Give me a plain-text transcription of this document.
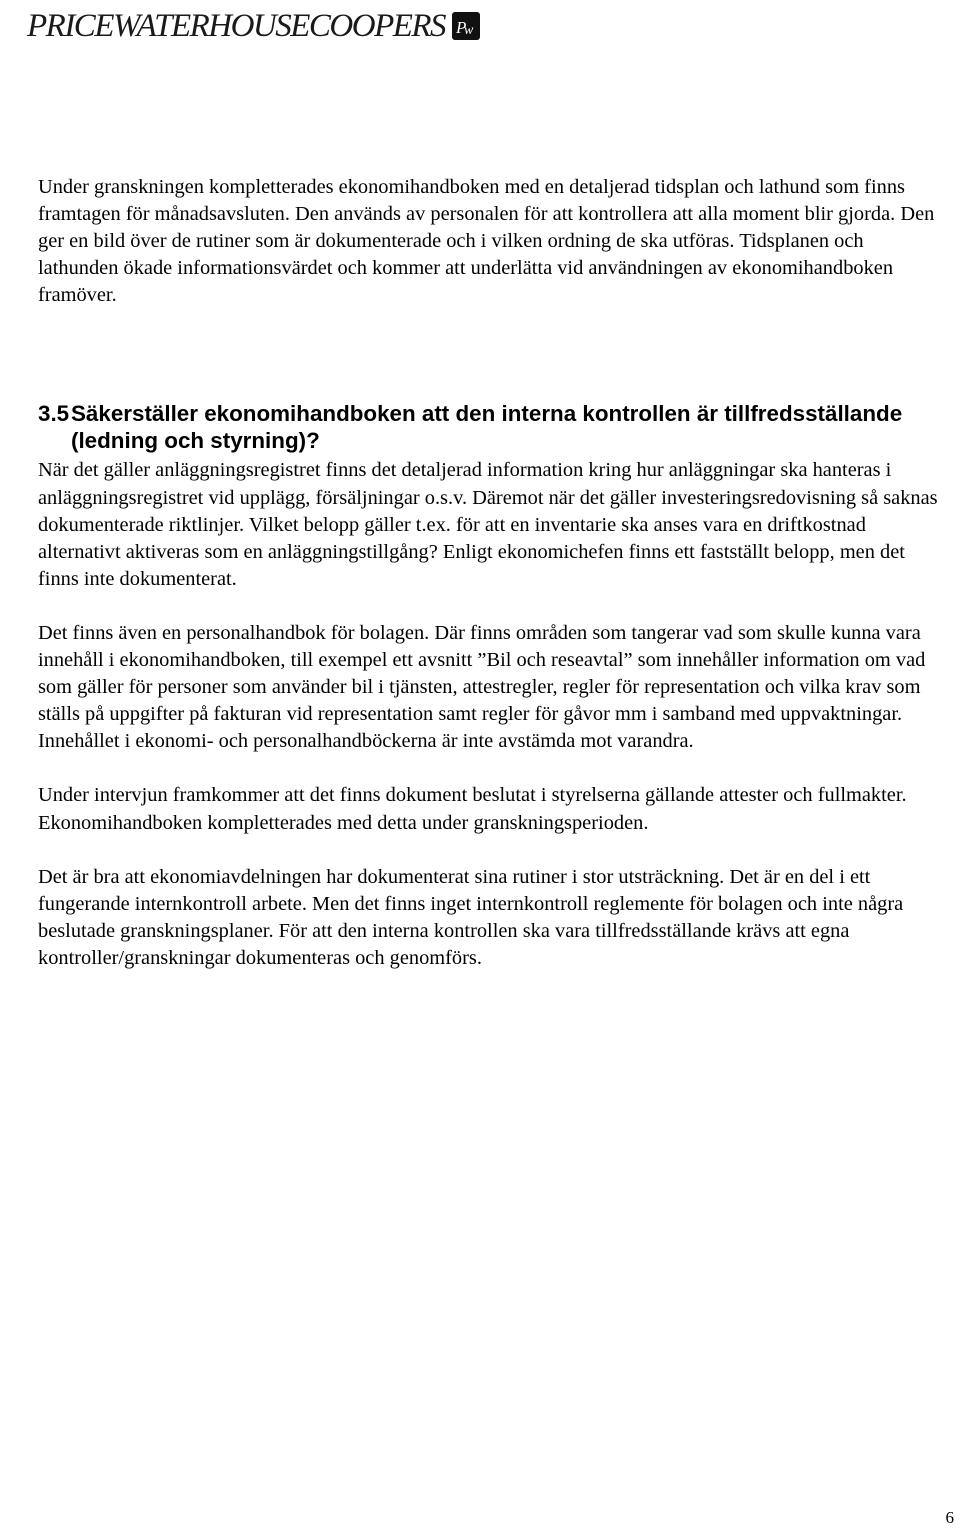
PRICEWATERHOUSECOOPERS P
w

Under granskningen kompletterades ekonomihandboken med en detaljerad tidsplan och lathund som finns framtagen för månadsavsluten. Den används av personalen för att kontrollera att alla moment blir gjorda. Den ger en bild över de rutiner som är dokumenterade och i vilken ordning de ska utföras. Tidsplanen och lathunden ökade informationsvärdet och kommer att underlätta vid användningen av ekonomihandboken framöver.

3.5 Säkerställer ekonomihandboken att den interna kontrollen är tillfredsställande (ledning och styrning)?

När det gäller anläggningsregistret finns det detaljerad information kring hur anläggningar ska hanteras i anläggningsregistret vid upplägg, försäljningar o.s.v. Däremot när det gäller investeringsredovisning så saknas dokumenterade riktlinjer. Vilket belopp gäller t.ex. för att en inventarie ska anses vara en driftkostnad alternativt aktiveras som en anläggningstillgång? Enligt ekonomichefen finns ett fastställt belopp, men det finns inte dokumenterat.

Det finns även en personalhandbok för bolagen. Där finns områden som tangerar vad som skulle kunna vara innehåll i ekonomihandboken, till exempel ett avsnitt ”Bil och reseavtal” som innehåller information om vad som gäller för personer som använder bil i tjänsten, attestregler, regler för representation och vilka krav som ställs på uppgifter på fakturan vid representation samt regler för gåvor mm i samband med uppvaktningar. Innehållet i ekonomi- och personalhandböckerna är inte avstämda mot varandra.

Under intervjun framkommer att det finns dokument beslutat i styrelserna gällande attester och fullmakter. Ekonomihandboken kompletterades med detta under granskningsperioden.

Det är bra att ekonomiavdelningen har dokumenterat sina rutiner i stor utsträckning. Det är en del i ett fungerande internkontroll arbete. Men det finns inget internkontroll reglemente för bolagen och inte några beslutade granskningsplaner. För att den interna kontrollen ska vara tillfredsställande krävs att egna kontroller/granskningar dokumenteras och genomförs.

6
